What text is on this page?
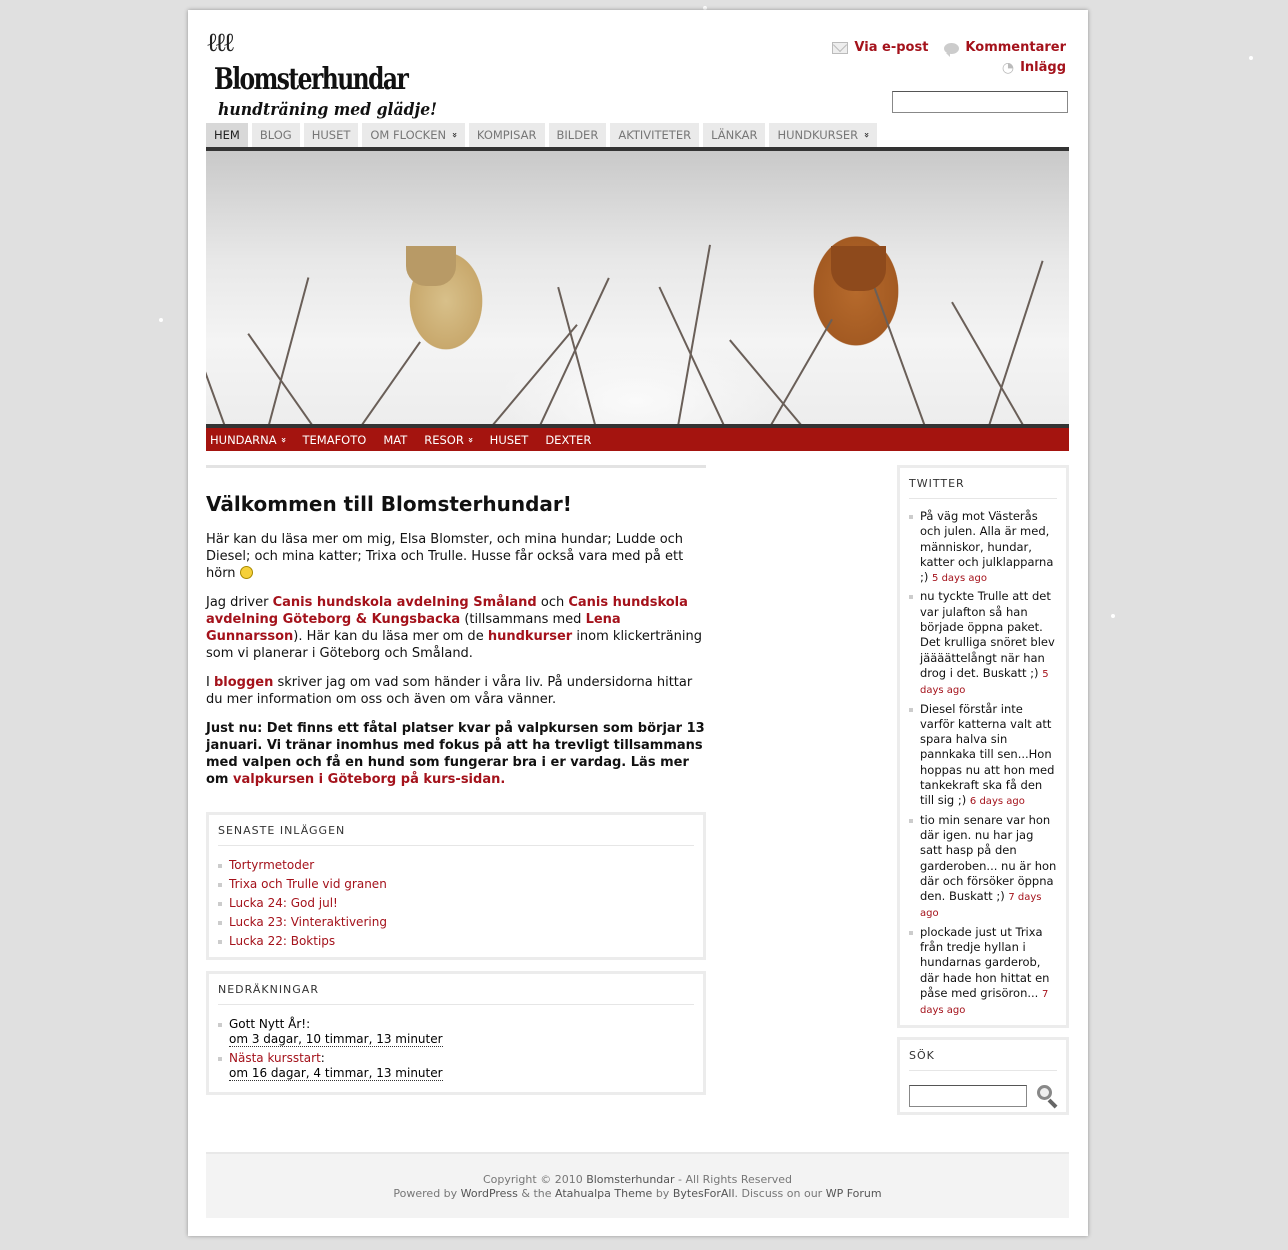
ℓℓℓ
Blomsterhundar
hundträning med glädje!
Via e-post	Kommentarer
◔ Inlägg
HEM BLOG HUSET OM FLOCKEN »	KOMPISAR BILDER AKTIVITETER LÄNKAR HUNDKURSER »
HUNDARNA » TEMAFOTO MAT RESOR » HUSET DEXTER
Välkommen till Blomsterhundar!

Här kan du läsa mer om mig, Elsa Blomster, och mina hundar; Ludde och Diesel; och mina katter; Trixa och Trulle. Husse får också vara med på ett hörn

Jag driver Canis hundskola avdelning Småland och Canis hundskola avdelning Göteborg & Kungsbacka (tillsammans med Lena Gunnarsson). Här kan du läsa mer om de hundkurser inom klickerträning som vi planerar i Göteborg och Småland.

I bloggen skriver jag om vad som händer i våra liv. På undersidorna hittar du mer information om oss och även om våra vänner.

Just nu: Det finns ett fåtal platser kvar på valpkursen som börjar 13 januari. Vi tränar inomhus med fokus på att ha trevligt tillsammans med valpen och få en hund som fungerar bra i er vardag. Läs mer om valpkursen i Göteborg på kurs-sidan.

SENASTE INLÄGGEN
Tortyrmetoder
Trixa och Trulle vid granen
Lucka 24: God jul!
Lucka 23: Vinteraktivering
Lucka 22: Boktips
NEDRÄKNINGAR
Gott Nytt År!:
om 3 dagar, 10 timmar, 13 minuter
Nästa kursstart:
om 16 dagar, 4 timmar, 13 minuter
TWITTER
På väg mot Västerås och julen. Alla är med, människor, hundar, katter och julklapparna ;) 5 days ago
nu tyckte Trulle att det var julafton så han började öppna paket. Det krulliga snöret blev jäääättelångt när han drog i det. Buskatt ;) 5 days ago
Diesel förstår inte varför katterna valt att spara halva sin pannkaka till sen...Hon hoppas nu att hon med tankekraft ska få den till sig ;) 6 days ago
tio min senare var hon där igen. nu har jag satt hasp på den garderoben... nu är hon där och försöker öppna den. Buskatt ;) 7 days ago
plockade just ut Trixa från tredje hyllan i hundarnas garderob, där hade hon hittat en påse med grisöron... 7 days ago
SÖK
Copyright © 2010 Blomsterhundar - All Rights Reserved
Powered by WordPress & the Atahualpa Theme by BytesForAll. Discuss on our WP Forum
